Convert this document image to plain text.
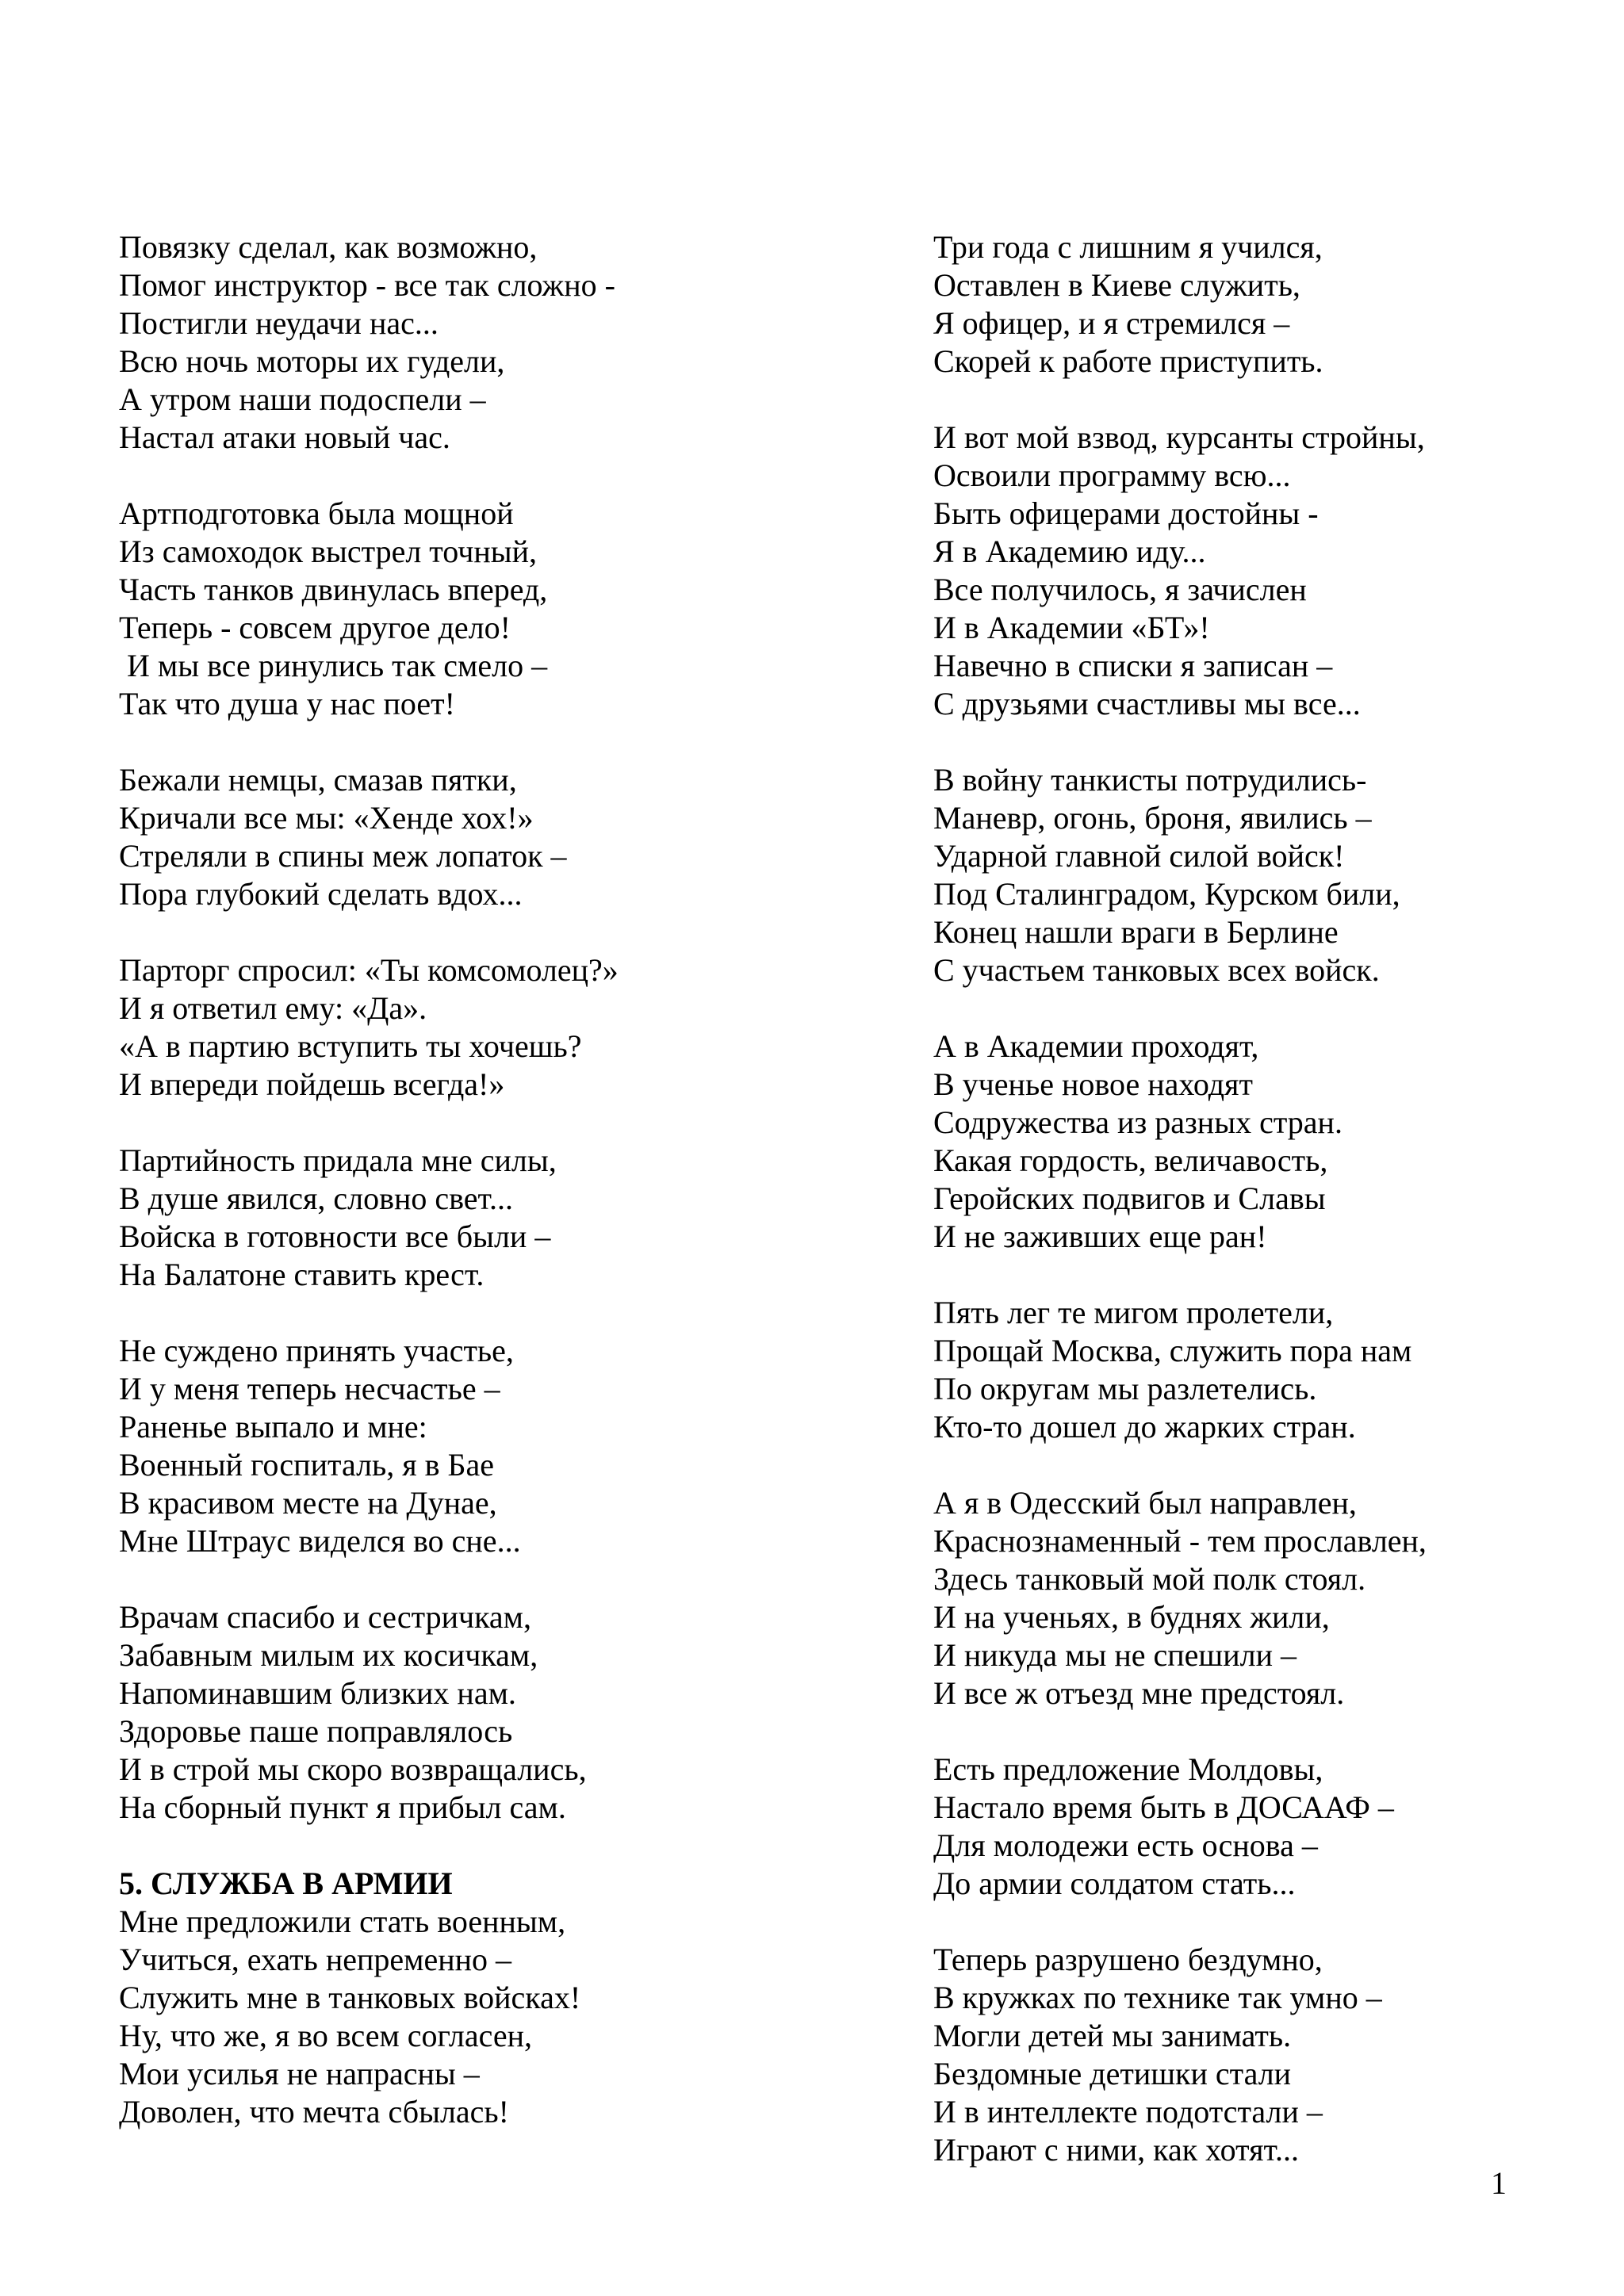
Повязку сделал, как возможно,
Помог инструктор - все так сложно -
Постигли неудачи нас...
Всю ночь моторы их гудели,
А утром наши подоспели –
Настал атаки новый час.
Артподготовка была мощной
Из самоходок выстрел точный,
Часть танков двинулась вперед,
Теперь - совсем другое дело!
И мы все ринулись так смело –
Так что душа у нас поет!
Бежали немцы, смазав пятки,
Кричали все мы: «Хенде хох!»
Стреляли в спины меж лопаток –
Пора глубокий сделать вдох...
Парторг спросил: «Ты комсомолец?»
И я ответил ему: «Да».
«А в партию вступить ты хочешь?
И впереди пойдешь всегда!»
Партийность придала мне силы,
В душе явился, словно свет...
Войска в готовности все были –
На Балатоне ставить крест.
Не суждено принять участье,
И у меня теперь несчастье –
Раненье выпало и мне:
Военный госпиталь, я в Бае
В красивом месте на Дунае,
Мне Штраус виделся во сне...
Врачам спасибо и сестричкам,
Забавным милым их косичкам,
Напоминавшим близких нам.
Здоровье паше поправлялось
И в строй мы скоро возвращались,
На сборный пункт я прибыл сам.
5. СЛУЖБА В АРМИИ
Мне предложили стать военным,
Учиться, ехать непременно –
Служить мне в танковых войсках!
Ну, что же, я во всем согласен,
Мои усилья не напрасны –
Доволен, что мечта сбылась!
Три года с лишним я учился,
Оставлен в Киеве служить,
Я офицер, и я стремился –
Скорей к работе приступить.
И вот мой взвод, курсанты стройны,
Освоили программу всю...
Быть офицерами достойны -
Я в Академию иду...
Все получилось, я зачислен
И в Академии «БТ»!
Навечно в списки я записан –
С друзьями счастливы мы все...
В войну танкисты потрудились-
Маневр, огонь, броня, явились –
Ударной главной силой войск!
Под Сталинградом, Курском били,
Конец нашли враги в Берлине
С участьем танковых всех войск.
А в Академии проходят,
В ученье новое находят
Содружества из разных стран.
Какая гордость, величавость,
Геройских подвигов и Славы
И не заживших еще ран!
Пять лег те мигом пролетели,
Прощай Москва, служить пора нам
По округам мы разлетелись.
Кто-то дошел до жарких стран.
А я в Одесский был направлен,
Краснознаменный - тем прославлен,
Здесь танковый мой полк стоял.
И на ученьях, в буднях жили,
И никуда мы не спешили –
И все ж отъезд мне предстоял.
Есть предложение Молдовы,
Настало время быть в ДОСААФ –
Для молодежи есть основа –
До армии солдатом стать...
Теперь разрушено бездумно,
В кружках по технике так умно –
Могли детей мы занимать.
Бездомные детишки стали
И в интеллекте подотстали –
Играют с ними, как хотят...
1
